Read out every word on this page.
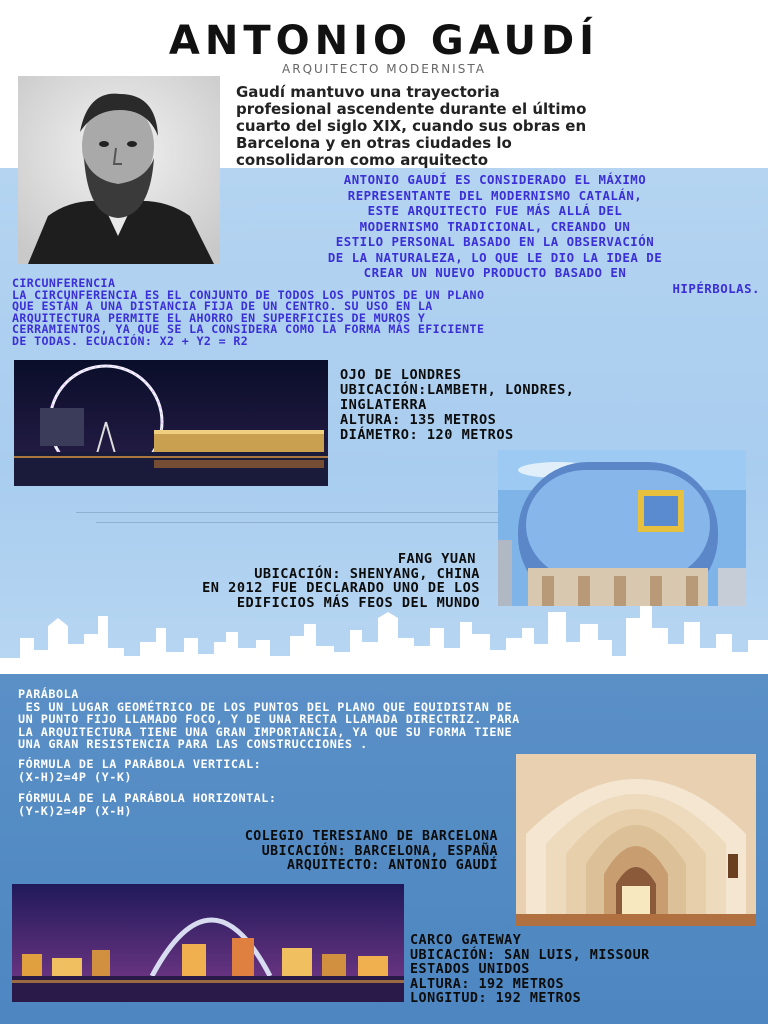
ANTONIO GAUDÍ
ARQUITECTO MODERNISTA
Gaudí mantuvo una trayectoria
profesional ascendente durante el último
cuarto del siglo XIX, cuando sus obras en
Barcelona y en otras ciudades lo
consolidaron como arquitecto
ANTONIO GAUDÍ ES CONSIDERADO EL MÁXIMO
REPRESENTANTE DEL MODERNISMO CATALÁN,
ESTE ARQUITECTO FUE MÁS ALLÁ DEL
MODERNISMO TRADICIONAL, CREANDO UN
ESTILO PERSONAL BASADO EN LA OBSERVACIÓN
DE LA NATURALEZA, LO QUE LE DIO LA IDEA DE
CREAR UN NUEVO PRODUCTO BASADO EN
HIPÉRBOLAS.
CIRCUNFERENCIA
LA CIRCUNFERENCIA ES EL CONJUNTO DE TODOS LOS PUNTOS DE UN PLANO
QUE ESTÁN A UNA DISTANCIA FIJA DE UN CENTRO. SU USO EN LA
ARQUITECTURA PERMITE EL AHORRO EN SUPERFICIES DE MUROS Y
CERRAMIENTOS, YA QUE SE LA CONSIDERA COMO LA FORMA MÁS EFICIENTE
DE TODAS. ECUACIÓN: X2 + Y2 = R2
OJO DE LONDRES
UBICACIÓN:LAMBETH, LONDRES,
INGLATERRA
ALTURA: 135 METROS
DIÁMETRO: 120 METROS
FANG YUAN
UBICACIÓN: SHENYANG, CHINA
EN 2012 FUE DECLARADO UNO DE LOS
EDIFICIOS MÁS FEOS DEL MUNDO
PARÁBOLA
ES UN LUGAR GEOMÉTRICO DE LOS PUNTOS DEL PLANO QUE EQUIDISTAN DE
UN PUNTO FIJO LLAMADO FOCO, Y DE UNA RECTA LLAMADA DIRECTRIZ. PARA
LA ARQUITECTURA TIENE UNA GRAN IMPORTANCIA, YA QUE SU FORMA TIENE
UNA GRAN RESISTENCIA PARA LAS CONSTRUCCIONES .
FÓRMULA DE LA PARÁBOLA VERTICAL:
(X-H)2=4P (Y-K)
FÓRMULA DE LA PARÁBOLA HORIZONTAL:
(Y-K)2=4P (X-H)
COLEGIO TERESIANO DE BARCELONA
UBICACIÓN: BARCELONA, ESPAÑA
ARQUITECTO: ANTONIO GAUDÍ
CARCO GATEWAY
UBICACIÓN: SAN LUIS, MISSOUR
ESTADOS UNIDOS
ALTURA: 192 METROS
LONGITUD: 192 METROS
